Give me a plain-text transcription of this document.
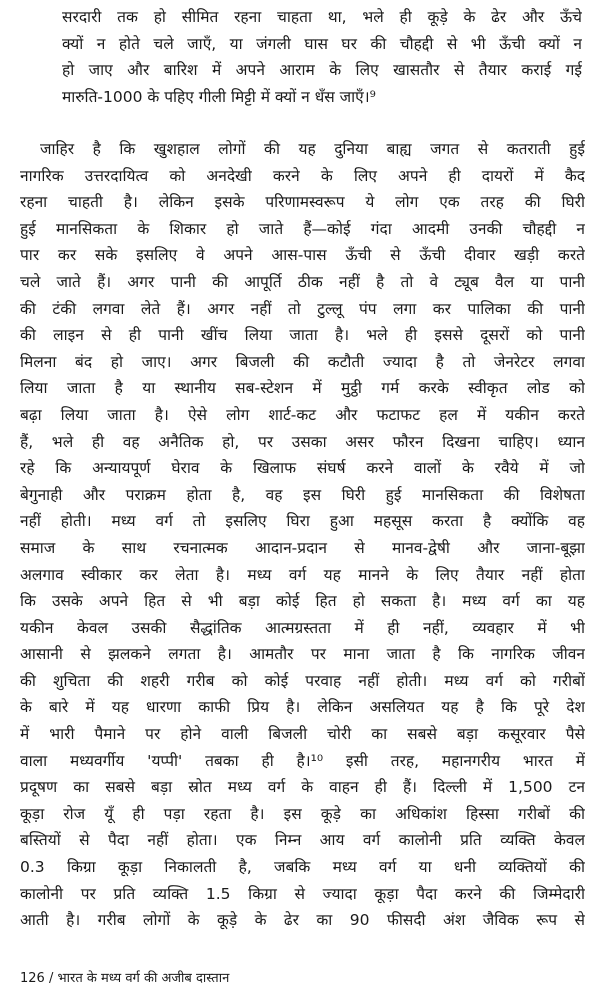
सरदारी तक हो सीमित रहना चाहता था, भले ही कूड़े के ढेर और ऊँचे
क्यों न होते चले जाएँ, या जंगली घास घर की चौहद्दी से भी ऊँची क्यों न
हो जाए और बारिश में अपने आराम के लिए खासतौर से तैयार कराई गई
मारुति-1000 के पहिए गीली मिट्टी में क्यों न धँस जाएँ।⁹
जाहिर है कि खुशहाल लोगों की यह दुनिया बाह्य जगत से कतराती हुई
नागरिक उत्तरदायित्व को अनदेखी करने के लिए अपने ही दायरों में कैद
रहना चाहती है। लेकिन इसके परिणामस्वरूप ये लोग एक तरह की घिरी
हुई मानसिकता के शिकार हो जाते हैं—कोई गंदा आदमी उनकी चौहद्दी न
पार कर सके इसलिए वे अपने आस-पास ऊँची से ऊँची दीवार खड़ी करते
चले जाते हैं। अगर पानी की आपूर्ति ठीक नहीं है तो वे ट्यूब वैल या पानी
की टंकी लगवा लेते हैं। अगर नहीं तो टुल्लू पंप लगा कर पालिका की पानी
की लाइन से ही पानी खींच लिया जाता है। भले ही इससे दूसरों को पानी
मिलना बंद हो जाए। अगर बिजली की कटौती ज्यादा है तो जेनरेटर लगवा
लिया जाता है या स्थानीय सब-स्टेशन में मुट्ठी गर्म करके स्वीकृत लोड को
बढ़ा लिया जाता है। ऐसे लोग शार्ट-कट और फटाफट हल में यकीन करते
हैं, भले ही वह अनैतिक हो, पर उसका असर फौरन दिखना चाहिए। ध्यान
रहे कि अन्यायपूर्ण घेराव के खिलाफ संघर्ष करने वालों के रवैये में जो
बेगुनाही और पराक्रम होता है, वह इस घिरी हुई मानसिकता की विशेषता
नहीं होती। मध्य वर्ग तो इसलिए घिरा हुआ महसूस करता है क्योंकि वह
समाज के साथ रचनात्मक आदान-प्रदान से मानव-द्वेषी और जाना-बूझा
अलगाव स्वीकार कर लेता है। मध्य वर्ग यह मानने के लिए तैयार नहीं होता
कि उसके अपने हित से भी बड़ा कोई हित हो सकता है। मध्य वर्ग का यह
यकीन केवल उसकी सैद्धांतिक आत्मग्रस्तता में ही नहीं, व्यवहार में भी
आसानी से झलकने लगता है। आमतौर पर माना जाता है कि नागरिक जीवन
की शुचिता की शहरी गरीब को कोई परवाह नहीं होती। मध्य वर्ग को गरीबों
के बारे में यह धारणा काफी प्रिय है। लेकिन असलियत यह है कि पूरे देश
में भारी पैमाने पर होने वाली बिजली चोरी का सबसे बड़ा कसूरवार पैसे
वाला मध्यवर्गीय 'यप्पी' तबका ही है।¹⁰ इसी तरह, महानगरीय भारत में
प्रदूषण का सबसे बड़ा स्रोत मध्य वर्ग के वाहन ही हैं। दिल्ली में 1,500 टन
कूड़ा रोज यूँ ही पड़ा रहता है। इस कूड़े का अधिकांश हिस्सा गरीबों की
बस्तियों से पैदा नहीं होता। एक निम्न आय वर्ग कालोनी प्रति व्यक्ति केवल
0.3 किग्रा कूड़ा निकालती है, जबकि मध्य वर्ग या धनी व्यक्तियों की
कालोनी पर प्रति व्यक्ति 1.5 किग्रा से ज्यादा कूड़ा पैदा करने की जिम्मेदारी
आती है। गरीब लोगों के कूड़े के ढेर का 90 फीसदी अंश जैविक रूप से
126 / भारत के मध्य वर्ग की अजीब दास्तान
